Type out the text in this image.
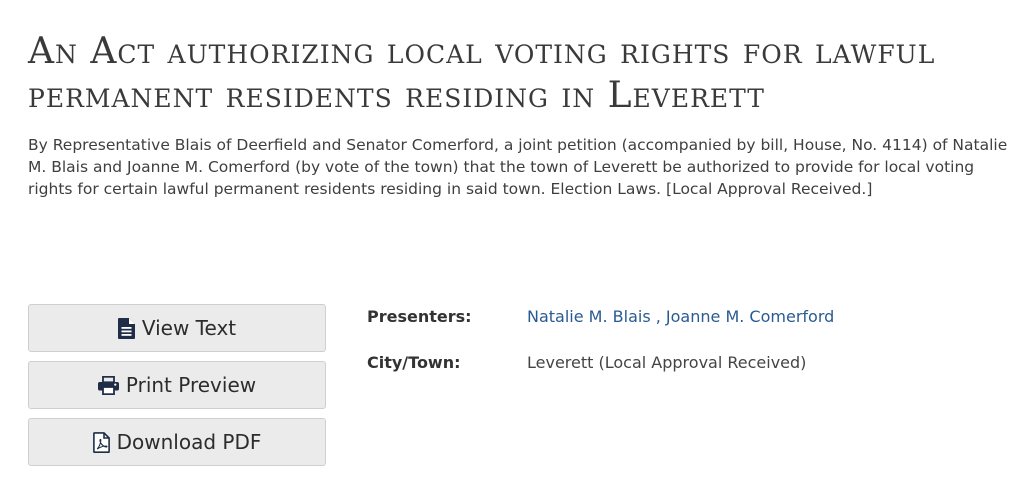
An Act authorizing local voting rights for lawful permanent residents residing in Leverett

By Representative Blais of Deerfield and Senator Comerford, a joint petition (accompanied by bill, House, No. 4114) of Natalie M. Blais and Joanne M. Comerford (by vote of the town) that the town of Leverett be authorized to provide for local voting rights for certain lawful permanent residents residing in said town. Election Laws. [Local Approval Received.]

View Text
Print Preview
Download PDF
Presenters:	Natalie M. Blais , Joanne M. Comerford
City/Town:	Leverett (Local Approval Received)
